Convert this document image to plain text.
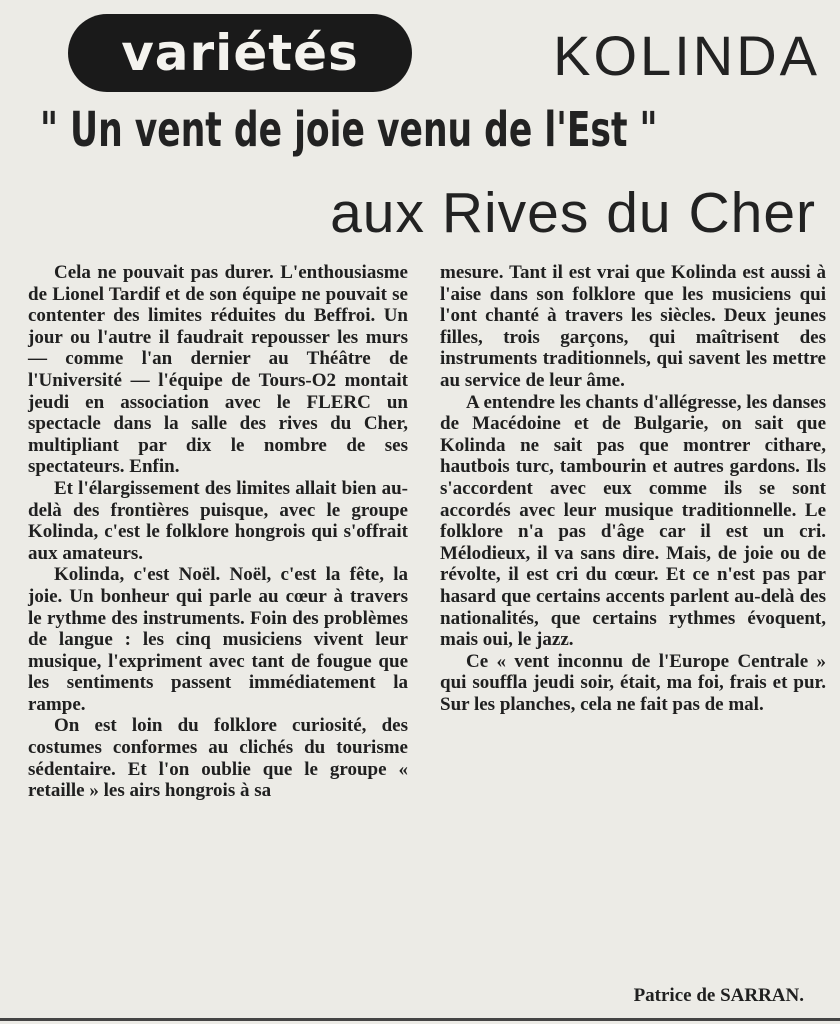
variétés	KOLINDA
" Un vent de joie venu de l'Est "
aux Rives du Cher

Cela ne pouvait pas durer. L'enthousiasme de Lionel Tardif et de son équipe ne pouvait se contenter des limites réduites du Beffroi. Un jour ou l'autre il faudrait repousser les murs — comme l'an dernier au Théâtre de l'Université — l'équipe de Tours-O2 montait jeudi en association avec le FLERC un spectacle dans la salle des rives du Cher, multipliant par dix le nombre de ses spectateurs. Enfin.

Et l'élargissement des limites allait bien au-delà des frontières puisque, avec le groupe Kolinda, c'est le folklore hongrois qui s'offrait aux amateurs.

Kolinda, c'est Noël. Noël, c'est la fête, la joie. Un bonheur qui parle au cœur à travers le rythme des instruments. Foin des problèmes de langue : les cinq musiciens vivent leur musique, l'expriment avec tant de fougue que les sentiments passent immédiatement la rampe.

On est loin du folklore curiosité, des costumes conformes au clichés du tourisme sédentaire. Et l'on oublie que le groupe « retaille » les airs hongrois à sa

mesure. Tant il est vrai que Kolinda est aussi à l'aise dans son folklore que les musiciens qui l'ont chanté à travers les siècles. Deux jeunes filles, trois garçons, qui maîtrisent des instruments traditionnels, qui savent les mettre au service de leur âme.

A entendre les chants d'allégresse, les danses de Macédoine et de Bulgarie, on sait que Kolinda ne sait pas que montrer cithare, hautbois turc, tambourin et autres gardons. Ils s'accordent avec eux comme ils se sont accordés avec leur musique traditionnelle. Le folklore n'a pas d'âge car il est un cri. Mélodieux, il va sans dire. Mais, de joie ou de révolte, il est cri du cœur. Et ce n'est pas par hasard que certains accents parlent au-delà des nationalités, que certains rythmes évoquent, mais oui, le jazz.

Ce « vent inconnu de l'Europe Centrale » qui souffla jeudi soir, était, ma foi, frais et pur. Sur les planches, cela ne fait pas de mal.

Patrice de SARRAN.
